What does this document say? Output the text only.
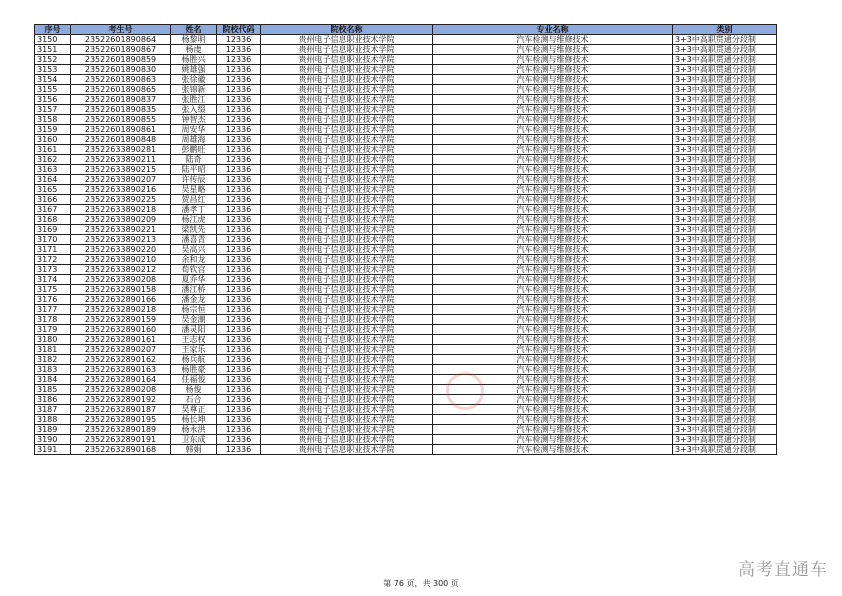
序号	考生号	姓名	院校代码	院校名称	专业名称	类别
3150	23522601890864	杨黎明	12336	贵州电子信息职业技术学院	汽车检测与维修技术	3+3中高职贯通分段制
3151	23522601890867	杨虔	12336	贵州电子信息职业技术学院	汽车检测与维修技术	3+3中高职贯通分段制
3152	23522601890859	杨胜兴	12336	贵州电子信息职业技术学院	汽车检测与维修技术	3+3中高职贯通分段制
3153	23522601890830	姚雄强	12336	贵州电子信息职业技术学院	汽车检测与维修技术	3+3中高职贯通分段制
3154	23522601890863	张徐徽	12336	贵州电子信息职业技术学院	汽车检测与维修技术	3+3中高职贯通分段制
3155	23522601890865	张锦新	12336	贵州电子信息职业技术学院	汽车检测与维修技术	3+3中高职贯通分段制
3156	23522601890837	张胜江	12336	贵州电子信息职业技术学院	汽车检测与维修技术	3+3中高职贯通分段制
3157	23522601890835	张入缀	12336	贵州电子信息职业技术学院	汽车检测与维修技术	3+3中高职贯通分段制
3158	23522601890855	钟智杰	12336	贵州电子信息职业技术学院	汽车检测与维修技术	3+3中高职贯通分段制
3159	23522601890861	周安华	12336	贵州电子信息职业技术学院	汽车检测与维修技术	3+3中高职贯通分段制
3160	23522601890848	周雄海	12336	贵州电子信息职业技术学院	汽车检测与维修技术	3+3中高职贯通分段制
3161	23522633890281	彭鹏旺	12336	贵州电子信息职业技术学院	汽车检测与维修技术	3+3中高职贯通分段制
3162	23522633890211	陆奇	12336	贵州电子信息职业技术学院	汽车检测与维修技术	3+3中高职贯通分段制
3163	23522633890215	陆平昭	12336	贵州电子信息职业技术学院	汽车检测与维修技术	3+3中高职贯通分段制
3164	23522633890207	许传辰	12336	贵州电子信息职业技术学院	汽车检测与维修技术	3+3中高职贯通分段制
3165	23522633890216	吴星略	12336	贵州电子信息职业技术学院	汽车检测与维修技术	3+3中高职贯通分段制
3166	23522633890225	贺昌红	12336	贵州电子信息职业技术学院	汽车检测与维修技术	3+3中高职贯通分段制
3167	23522633890218	潘孝丁	12336	贵州电子信息职业技术学院	汽车检测与维修技术	3+3中高职贯通分段制
3168	23522633890209	杨江虎	12336	贵州电子信息职业技术学院	汽车检测与维修技术	3+3中高职贯通分段制
3169	23522633890221	梁凯先	12336	贵州电子信息职业技术学院	汽车检测与维修技术	3+3中高职贯通分段制
3170	23522633890213	潘喜青	12336	贵州电子信息职业技术学院	汽车检测与维修技术	3+3中高职贯通分段制
3171	23522633890220	吴高兴	12336	贵州电子信息职业技术学院	汽车检测与维修技术	3+3中高职贯通分段制
3172	23522633890210	余和龙	12336	贵州电子信息职业技术学院	汽车检测与维修技术	3+3中高职贯通分段制
3173	23522633890212	荀钦宫	12336	贵州电子信息职业技术学院	汽车检测与维修技术	3+3中高职贯通分段制
3174	23522633890208	夏乔华	12336	贵州电子信息职业技术学院	汽车检测与维修技术	3+3中高职贯通分段制
3175	23522632890158	潘江桥	12336	贵州电子信息职业技术学院	汽车检测与维修技术	3+3中高职贯通分段制
3176	23522632890166	潘金龙	12336	贵州电子信息职业技术学院	汽车检测与维修技术	3+3中高职贯通分段制
3177	23522632890218	杨宗恒	12336	贵州电子信息职业技术学院	汽车检测与维修技术	3+3中高职贯通分段制
3178	23522632890159	吴金潮	12336	贵州电子信息职业技术学院	汽车检测与维修技术	3+3中高职贯通分段制
3179	23522632890160	潘灵阳	12336	贵州电子信息职业技术学院	汽车检测与维修技术	3+3中高职贯通分段制
3180	23522632890161	王志权	12336	贵州电子信息职业技术学院	汽车检测与维修技术	3+3中高职贯通分段制
3181	23522632890207	王家乐	12336	贵州电子信息职业技术学院	汽车检测与维修技术	3+3中高职贯通分段制
3182	23522632890162	杨兵航	12336	贵州电子信息职业技术学院	汽车检测与维修技术	3+3中高职贯通分段制
3183	23522632890163	杨胜豪	12336	贵州电子信息职业技术学院	汽车检测与维修技术	3+3中高职贯通分段制
3184	23522632890164	任福俊	12336	贵州电子信息职业技术学院	汽车检测与维修技术	3+3中高职贯通分段制
3185	23522632890208	杨俊	12336	贵州电子信息职业技术学院	汽车检测与维修技术	3+3中高职贯通分段制
3186	23522632890192	石合	12336	贵州电子信息职业技术学院	汽车检测与维修技术	3+3中高职贯通分段制
3187	23522632890187	吴尊正	12336	贵州电子信息职业技术学院	汽车检测与维修技术	3+3中高职贯通分段制
3188	23522632890195	杨长坤	12336	贵州电子信息职业技术学院	汽车检测与维修技术	3+3中高职贯通分段制
3189	23522632890189	杨永洪	12336	贵州电子信息职业技术学院	汽车检测与维修技术	3+3中高职贯通分段制
3190	23522632890191	卫东成	12336	贵州电子信息职业技术学院	汽车检测与维修技术	3+3中高职贯通分段制
3191	23522632890168	韩娟	12336	贵州电子信息职业技术学院	汽车检测与维修技术	3+3中高职贯通分段制
第 76 页，共 300 页
高考直通车
